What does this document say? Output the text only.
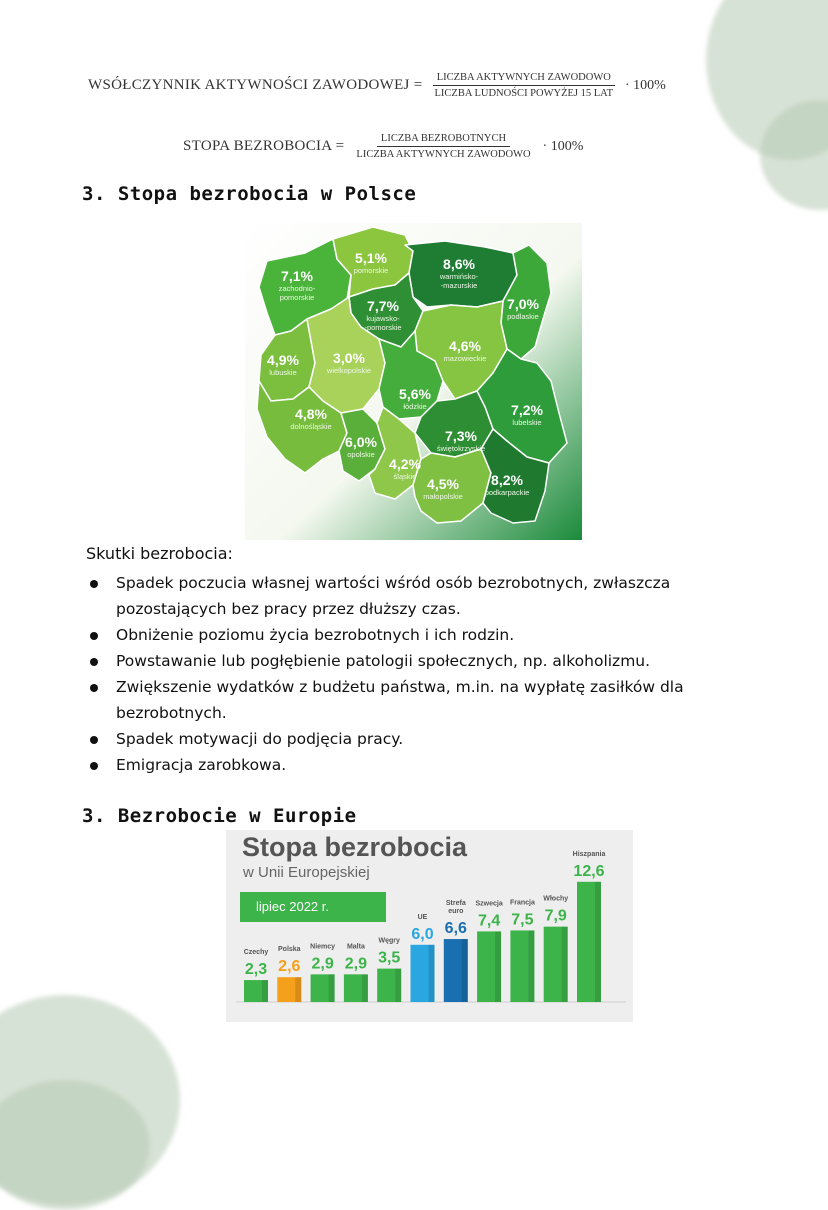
WSÓŁCZYNNIK AKTYWNOŚCI ZAWODOWEJ = $\frac{\text{LICZBA AKTYWNYCH ZAWODOWO}}{\text{LICZBA LUDNOŚCI POWYŻEJ 15 LAT}} \cdot 100\%$
STOPA BEZROBOCIA = $\frac{\text{LICZBA BEZROBOTNYCH}}{\text{LICZBA AKTYWNYCH ZAWODOWO}} \cdot 100\%$
3. Stopa bezrobocia w Polsce
7,1%
zachodnio-
pomorskie
5,1%
pomorskie	8,6%
warmińsko-
-mazurskie
7,0%
podlaskie
7,7%
kujawsko-
-pomorskie
4,9%
lubuskie
3,0%
wielkopolskie
4,6%
mazowieckie
5,6%
łódzkie	7,2%
lubelskie
4,8%
dolnośląskie
6,0%
opolskie
4,2%
śląskie
7,3%
świętokrzyskie
4,5%
małopolskie
8,2%
podkarpackie
Skutki bezrobocia:
Spadek poczucia własnej wartości wśród osób bezrobotnych, zwłaszcza pozostających bez pracy przez dłuższy czas.
Obniżenie poziomu życia bezrobotnych i ich rodzin.
Powstawanie lub pogłębienie patologii społecznych, np. alkoholizmu.
Zwiększenie wydatków z budżetu państwa, m.in. na wypłatę zasiłków dla bezrobotnych.
Spadek motywacji do podjęcia pracy.
Emigracja zarobkowa.
3. Bezrobocie w Europie
2,3
Czechy
2,6
Polska
2,9
Niemcy
2,9
Malta
3,5
Węgry 6,0
UE
6,6
Strefa
euro
7,4
Szwecja
7,5
Francja
7,9
Włochy
12,6
Hiszpania
Stopa bezrobocia
w Unii Europejskiej
lipiec 2022 r.
